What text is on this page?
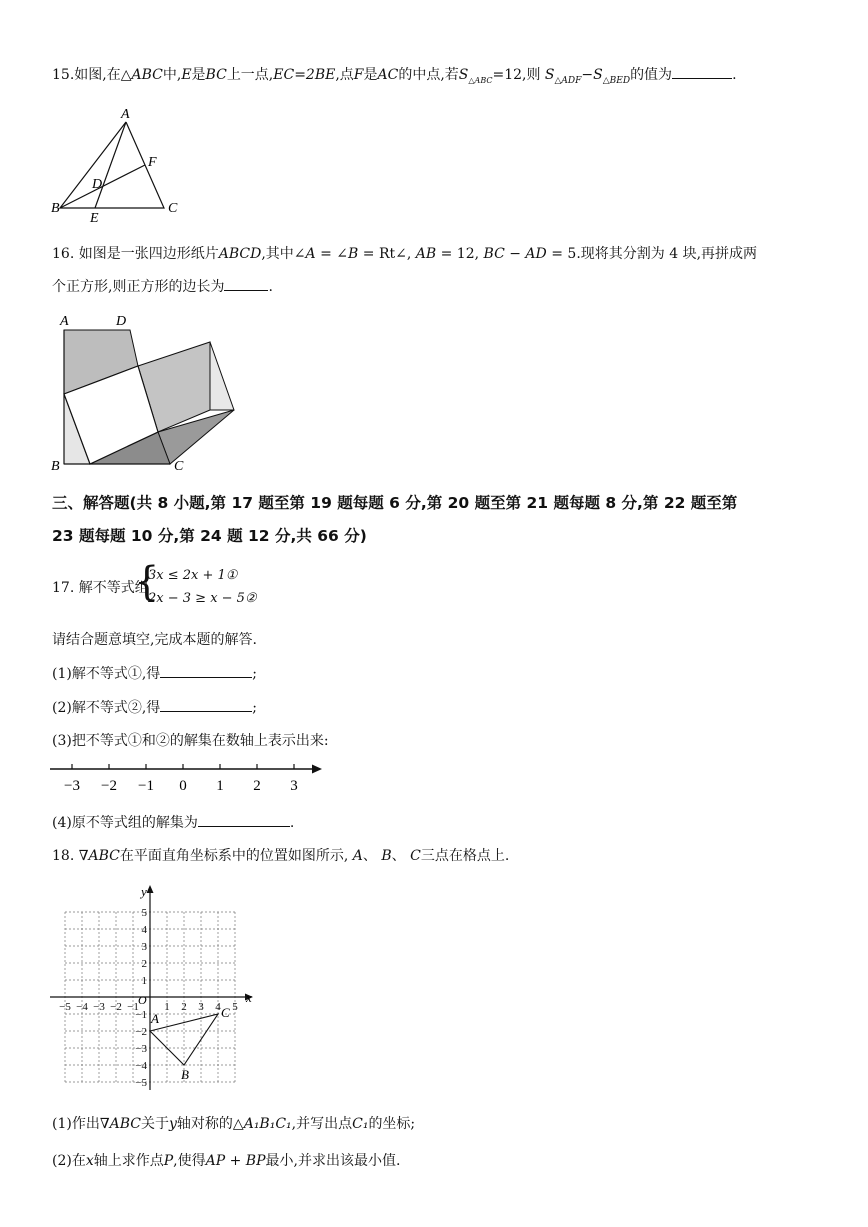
15.如图,在△ABC中,E是BC上一点,EC=2BE,点F是AC的中点,若$S_{\triangle ABC}=12$,则 $S_{\triangle ADF}-S_{\triangle BED}$的值为	.
A
B	C
D
E
F
16. 如图是一张四边形纸片ABCD,其中∠A = ∠B = Rt∠, AB = 12, BC − AD = 5.现将其分割为 4 块,再拼成两
个正方形,则正方形的边长为	.
A	D
B	C
三、解答题(共 8 小题,第 17 题至第 19 题每题 6 分,第 20 题至第 21 题每题 8 分,第 22 题至第
23 题每题 10 分,第 24 题 12 分,共 66 分)
17. 解不等式组
{
3x ≤ 2x + 1①
2x − 3 ≥ x − 5②
请结合题意填空,完成本题的解答.
(1)解不等式①,得	;
(2)解不等式②,得	;
(3)把不等式①和②的解集在数轴上表示出来:
−3 −2 −1 0 1 2 3
(4)原不等式组的解集为	.
18. ∇ABC在平面直角坐标系中的位置如图所示, A、 B、 C三点在格点上.
−5 −4 −3 −2 −1 1 2 3 4 5
5
4
3
2
1
−1
−2
−3
−4
−5
x
y
O
A
B
C
(1)作出∇ABC关于y轴对称的△A₁B₁C₁,并写出点C₁的坐标;
(2)在x轴上求作点P,使得AP + BP最小,并求出该最小值.
